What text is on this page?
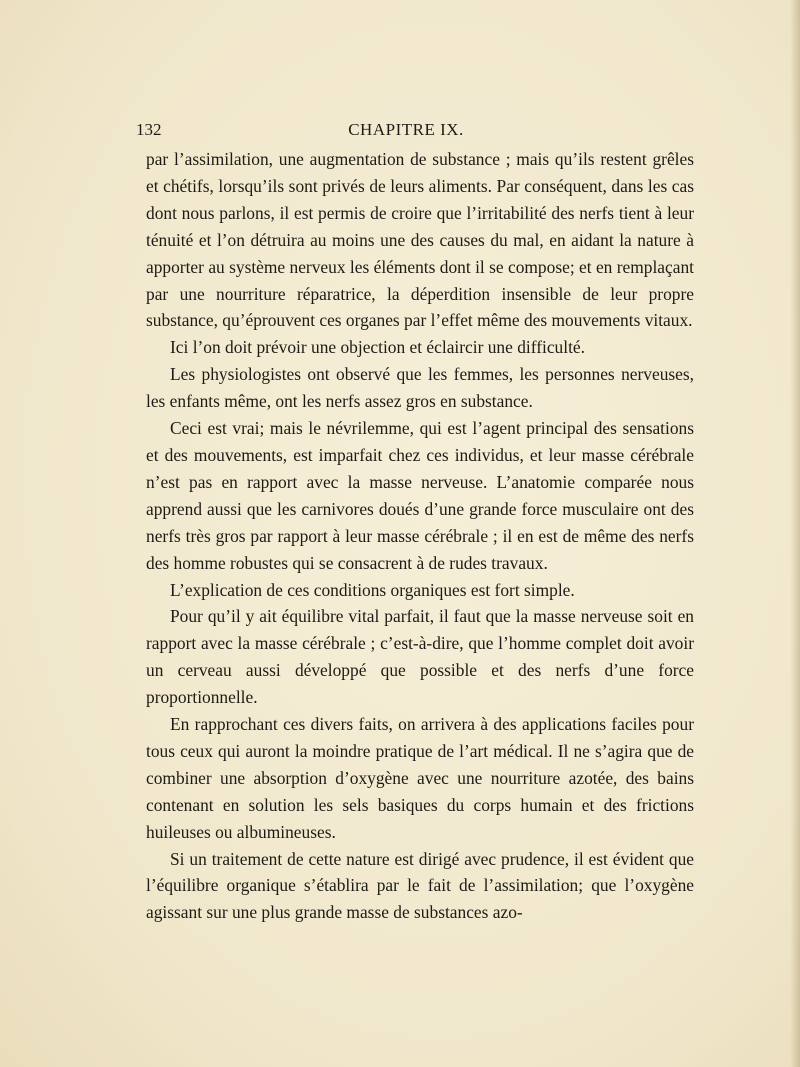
132	CHAPITRE IX.

par l’assimilation, une augmentation de substance ; mais qu’ils restent grêles et chétifs, lorsqu’ils sont privés de leurs aliments. Par conséquent, dans les cas dont nous parlons, il est permis de croire que l’irritabilité des nerfs tient à leur ténuité et l’on détruira au moins une des causes du mal, en aidant la nature à apporter au système nerveux les éléments dont il se compose; et en remplaçant par une nourriture réparatrice, la déperdition insensible de leur propre substance, qu’éprouvent ces organes par l’effet même des mouvements vitaux.

Ici l’on doit prévoir une objection et éclaircir une difficulté.

Les physiologistes ont observé que les femmes, les personnes nerveuses, les enfants même, ont les nerfs assez gros en substance.

Ceci est vrai; mais le névrilemme, qui est l’agent principal des sensations et des mouvements, est imparfait chez ces individus, et leur masse cérébrale n’est pas en rapport avec la masse nerveuse. L’anatomie comparée nous apprend aussi que les carnivores doués d’une grande force musculaire ont des nerfs très gros par rapport à leur masse cérébrale ; il en est de même des nerfs des homme robustes qui se consacrent à de rudes travaux.

L’explication de ces conditions organiques est fort simple.

Pour qu’il y ait équilibre vital parfait, il faut que la masse nerveuse soit en rapport avec la masse cérébrale ; c’est-à-dire, que l’homme complet doit avoir un cerveau aussi développé que possible et des nerfs d’une force proportionnelle.

En rapprochant ces divers faits, on arrivera à des applications faciles pour tous ceux qui auront la moindre pratique de l’art médical. Il ne s’agira que de combiner une absorption d’oxygène avec une nourriture azotée, des bains contenant en solution les sels basiques du corps humain et des frictions huileuses ou albumineuses.

Si un traitement de cette nature est dirigé avec prudence, il est évident que l’équilibre organique s’établira par le fait de l’assimilation; que l’oxygène agissant sur une plus grande masse de substances azo-
